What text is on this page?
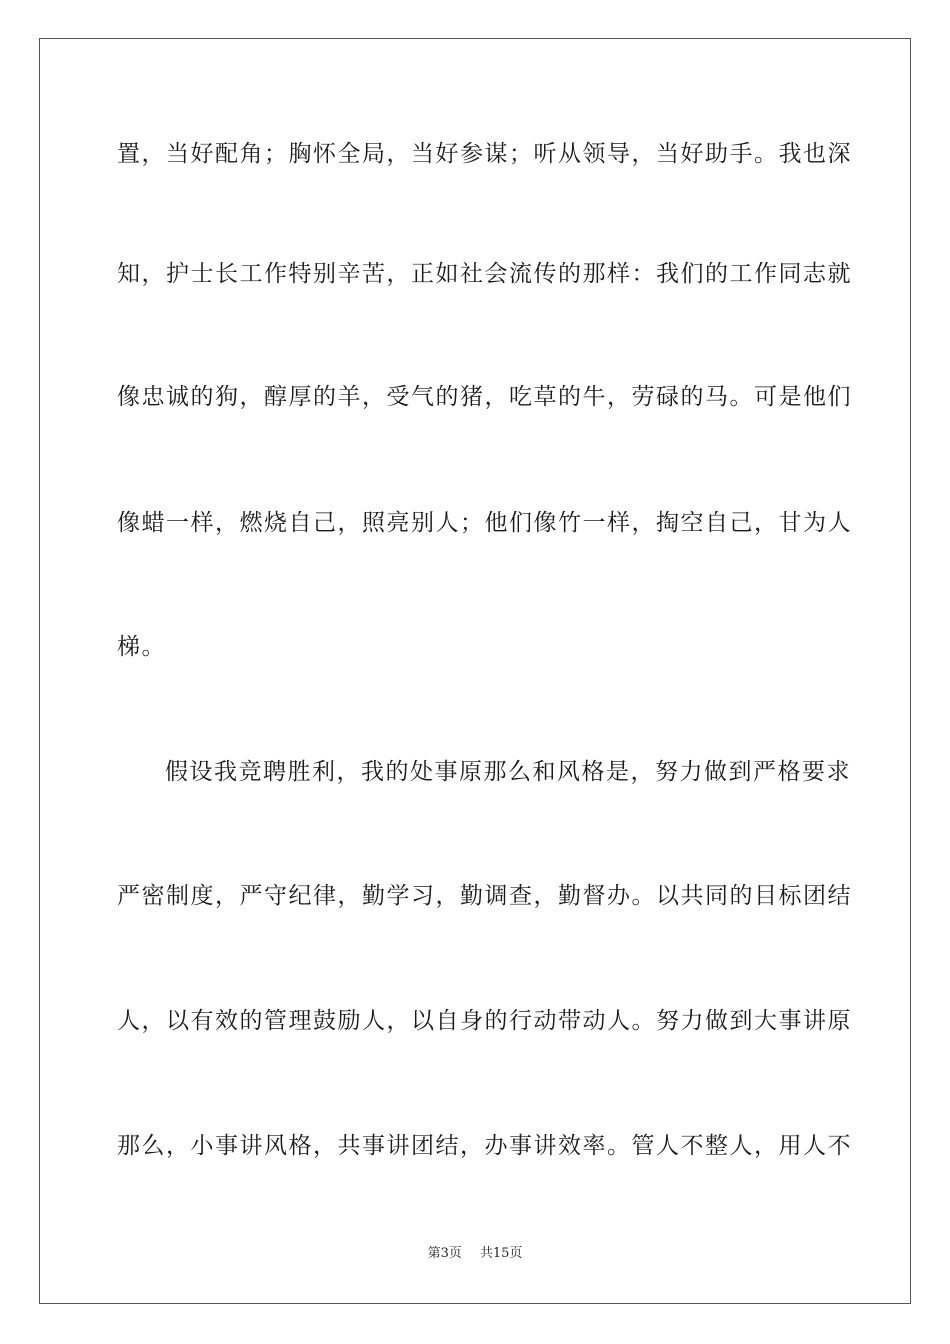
置，当好配角；胸怀全局，当好参谋；听从领导，当好助手。我也深
知，护士长工作特别辛苦，正如社会流传的那样：我们的工作同志就
像忠诚的狗，醇厚的羊，受气的猪，吃草的牛，劳碌的马。可是他们
像蜡一样，燃烧自己，照亮别人；他们像竹一样，掏空自己，甘为人
梯。
假设我竞聘胜利，我的处事原那么和风格是，努力做到严格要求
严密制度，严守纪律，勤学习，勤调查，勤督办。以共同的目标团结
人，以有效的管理鼓励人，以自身的行动带动人。努力做到大事讲原
那么，小事讲风格，共事讲团结，办事讲效率。管人不整人，用人不
第3页 共15页
